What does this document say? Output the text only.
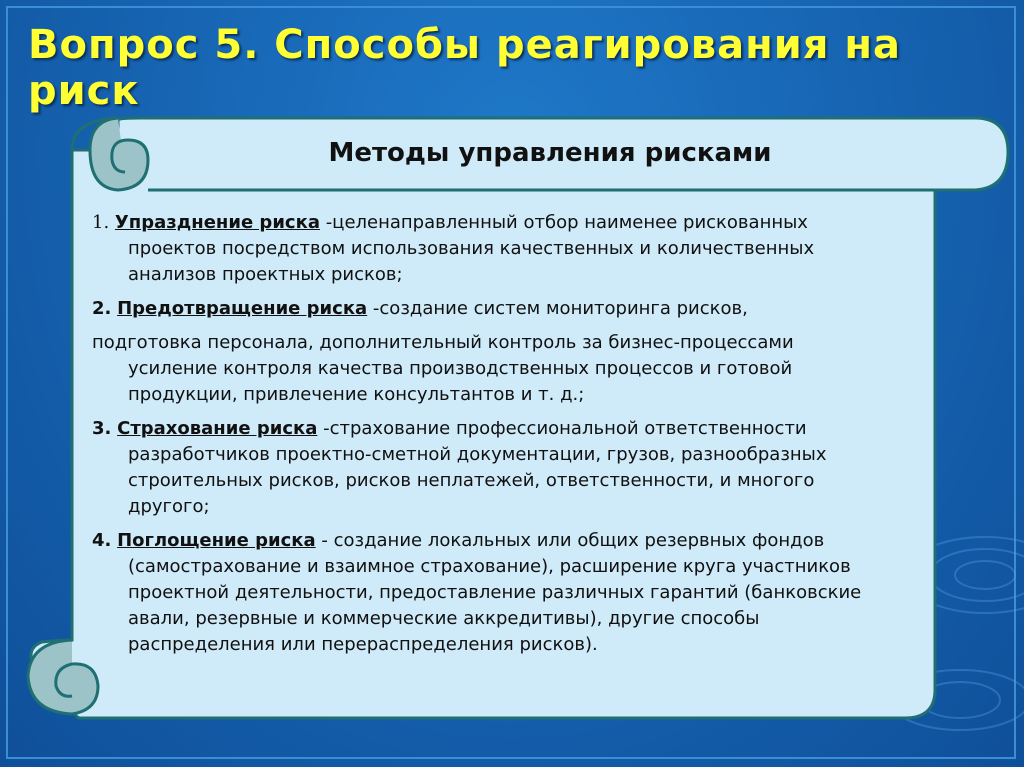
Вопрос 5. Способы реагирования на риск
Методы управления рисками
1. Упразднение риска -целенаправленный отбор наименее рискованных
проектов посредством использования качественных и количественных
анализов проектных рисков;
2. Предотвращение риска -создание систем мониторинга рисков,
подготовка персонала, дополнительный контроль за бизнес-процессами
усиление контроля качества производственных процессов и готовой
продукции, привлечение консультантов и т. д.;
3. Страхование риска -страхование профессиональной ответственности
разработчиков проектно-сметной документации, грузов, разнообразных
строительных рисков, рисков неплатежей, ответственности, и многого
другого;
4. Поглощение риска - создание локальных или общих резервных фондов
(самострахование и взаимное страхование), расширение круга участников
проектной деятельности, предоставление различных гарантий (банковские
авали, резервные и коммерческие аккредитивы), другие способы
распределения или перераспределения рисков).
